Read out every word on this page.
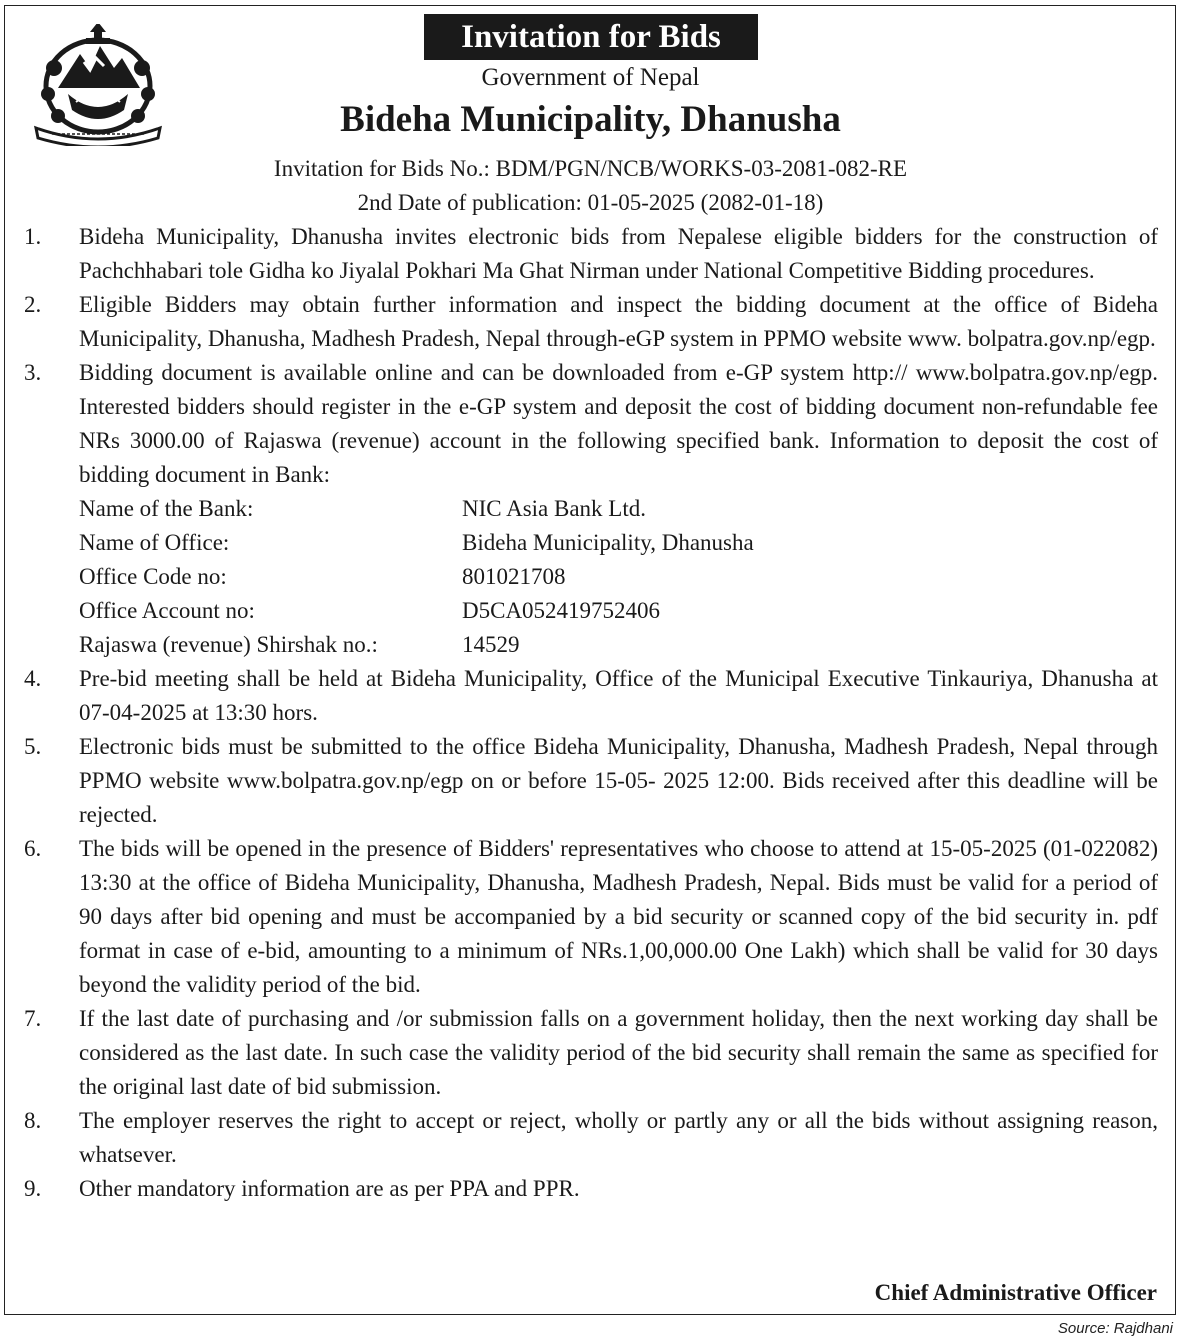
Invitation for Bids
Government of Nepal
Bideha Municipality, Dhanusha
Invitation for Bids No.: BDM/PGN/NCB/WORKS-03-2081-082-RE
2nd Date of publication: 01-05-2025 (2082-01-18)
1. Bideha Municipality, Dhanusha invites electronic bids from Nepalese eligible bidders for the construction of Pachchhabari tole Gidha ko Jiyalal Pokhari Ma Ghat Nirman under National Competitive Bidding procedures.
2. Eligible Bidders may obtain further information and inspect the bidding document at the office of Bideha Municipality, Dhanusha, Madhesh Pradesh, Nepal through-eGP system in PPMO website www. bolpatra.gov.np/egp.
3. Bidding document is available online and can be downloaded from e-GP system http:// www.bolpatra.gov.np/egp. Interested bidders should register in the e-GP system and deposit the cost of bidding document non-refundable fee NRs 3000.00 of Rajaswa (revenue) account in the following specified bank. Information to deposit the cost of bidding document in Bank:
Name of the Bank:	NIC Asia Bank Ltd.
Name of Office:	Bideha Municipality, Dhanusha
Office Code no:	801021708
Office Account no:	D5CA052419752406
Rajaswa (revenue) Shirshak no.:	14529
4. Pre-bid meeting shall be held at Bideha Municipality, Office of the Municipal Executive Tinkauriya, Dhanusha at 07-04-2025 at 13:30 hors.
5. Electronic bids must be submitted to the office Bideha Municipality, Dhanusha, Madhesh Pradesh, Nepal through PPMO website www.bolpatra.gov.np/egp on or before 15-05- 2025 12:00. Bids received after this deadline will be rejected.
6. The bids will be opened in the presence of Bidders' representatives who choose to attend at 15-05-2025 (01-022082) 13:30 at the office of Bideha Municipality, Dhanusha, Madhesh Pradesh, Nepal. Bids must be valid for a period of 90 days after bid opening and must be accompanied by a bid security or scanned copy of the bid security in. pdf format in case of e-bid, amounting to a minimum of NRs.1,00,000.00 One Lakh) which shall be valid for 30 days beyond the validity period of the bid.
7. If the last date of purchasing and /or submission falls on a government holiday, then the next working day shall be considered as the last date. In such case the validity period of the bid security shall remain the same as specified for the original last date of bid submission.
8. The employer reserves the right to accept or reject, wholly or partly any or all the bids without assigning reason, whatsever.
9. Other mandatory information are as per PPA and PPR.
Chief Administrative Officer
Source: Rajdhani
